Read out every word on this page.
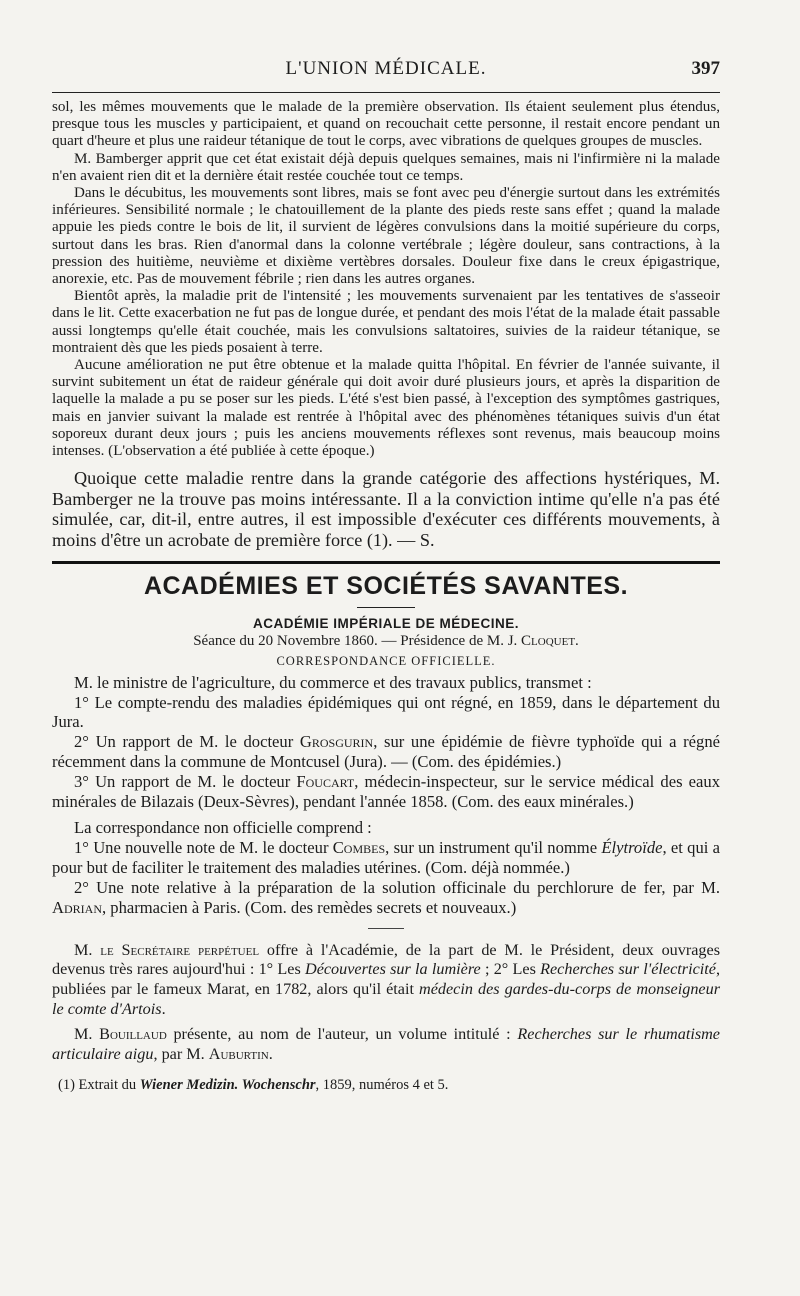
L'UNION MÉDICALE.	397

sol, les mêmes mouvements que le malade de la première observation. Ils étaient seulement plus étendus, presque tous les muscles y participaient, et quand on recouchait cette personne, il restait encore pendant un quart d'heure et plus une raideur tétanique de tout le corps, avec vibrations de quelques groupes de muscles.

M. Bamberger apprit que cet état existait déjà depuis quelques semaines, mais ni l'infirmière ni la malade n'en avaient rien dit et la dernière était restée couchée tout ce temps.

Dans le décubitus, les mouvements sont libres, mais se font avec peu d'énergie surtout dans les extrémités inférieures. Sensibilité normale ; le chatouillement de la plante des pieds reste sans effet ; quand la malade appuie les pieds contre le bois de lit, il survient de légères convulsions dans la moitié supérieure du corps, surtout dans les bras. Rien d'anormal dans la colonne vertébrale ; légère douleur, sans contractions, à la pression des huitième, neuvième et dixième vertèbres dorsales. Douleur fixe dans le creux épigastrique, anorexie, etc. Pas de mouvement fébrile ; rien dans les autres organes.

Bientôt après, la maladie prit de l'intensité ; les mouvements survenaient par les tentatives de s'asseoir dans le lit. Cette exacerbation ne fut pas de longue durée, et pendant des mois l'état de la malade était passable aussi longtemps qu'elle était couchée, mais les convulsions saltatoires, suivies de la raideur tétanique, se montraient dès que les pieds posaient à terre.

Aucune amélioration ne put être obtenue et la malade quitta l'hôpital. En février de l'année suivante, il survint subitement un état de raideur générale qui doit avoir duré plusieurs jours, et après la disparition de laquelle la malade a pu se poser sur les pieds. L'été s'est bien passé, à l'exception des symptômes gastriques, mais en janvier suivant la malade est rentrée à l'hôpital avec des phénomènes tétaniques suivis d'un état soporeux durant deux jours ; puis les anciens mouvements réflexes sont revenus, mais beaucoup moins intenses. (L'observation a été publiée à cette époque.)

Quoique cette maladie rentre dans la grande catégorie des affections hystériques, M. Bamberger ne la trouve pas moins intéressante. Il a la conviction intime qu'elle n'a pas été simulée, car, dit-il, entre autres, il est impossible d'exécuter ces différents mouvements, à moins d'être un acrobate de première force (1). — S.

ACADÉMIES ET SOCIÉTÉS SAVANTES.
ACADÉMIE IMPÉRIALE DE MÉDECINE.
Séance du 20 Novembre 1860. — Présidence de M. J. Cloquet.
CORRESPONDANCE OFFICIELLE.

M. le ministre de l'agriculture, du commerce et des travaux publics, transmet :

1° Le compte-rendu des maladies épidémiques qui ont régné, en 1859, dans le département du Jura.

2° Un rapport de M. le docteur Grosgurin, sur une épidémie de fièvre typhoïde qui a régné récemment dans la commune de Montcusel (Jura). — (Com. des épidémies.)

3° Un rapport de M. le docteur Foucart, médecin-inspecteur, sur le service médical des eaux minérales de Bilazais (Deux-Sèvres), pendant l'année 1858. (Com. des eaux minérales.)

La correspondance non officielle comprend :

1° Une nouvelle note de M. le docteur Combes, sur un instrument qu'il nomme Élytroïde, et qui a pour but de faciliter le traitement des maladies utérines. (Com. déjà nommée.)

2° Une note relative à la préparation de la solution officinale du perchlorure de fer, par M. Adrian, pharmacien à Paris. (Com. des remèdes secrets et nouveaux.)

M. le Secrétaire perpétuel offre à l'Académie, de la part de M. le Président, deux ouvrages devenus très rares aujourd'hui : 1° Les Découvertes sur la lumière ; 2° Les Recherches sur l'électricité, publiées par le fameux Marat, en 1782, alors qu'il était médecin des gardes-du-corps de monseigneur le comte d'Artois.

M. Bouillaud présente, au nom de l'auteur, un volume intitulé : Recherches sur le rhumatisme articulaire aigu, par M. Auburtin.

(1) Extrait du Wiener Medizin. Wochenschr, 1859, numéros 4 et 5.
